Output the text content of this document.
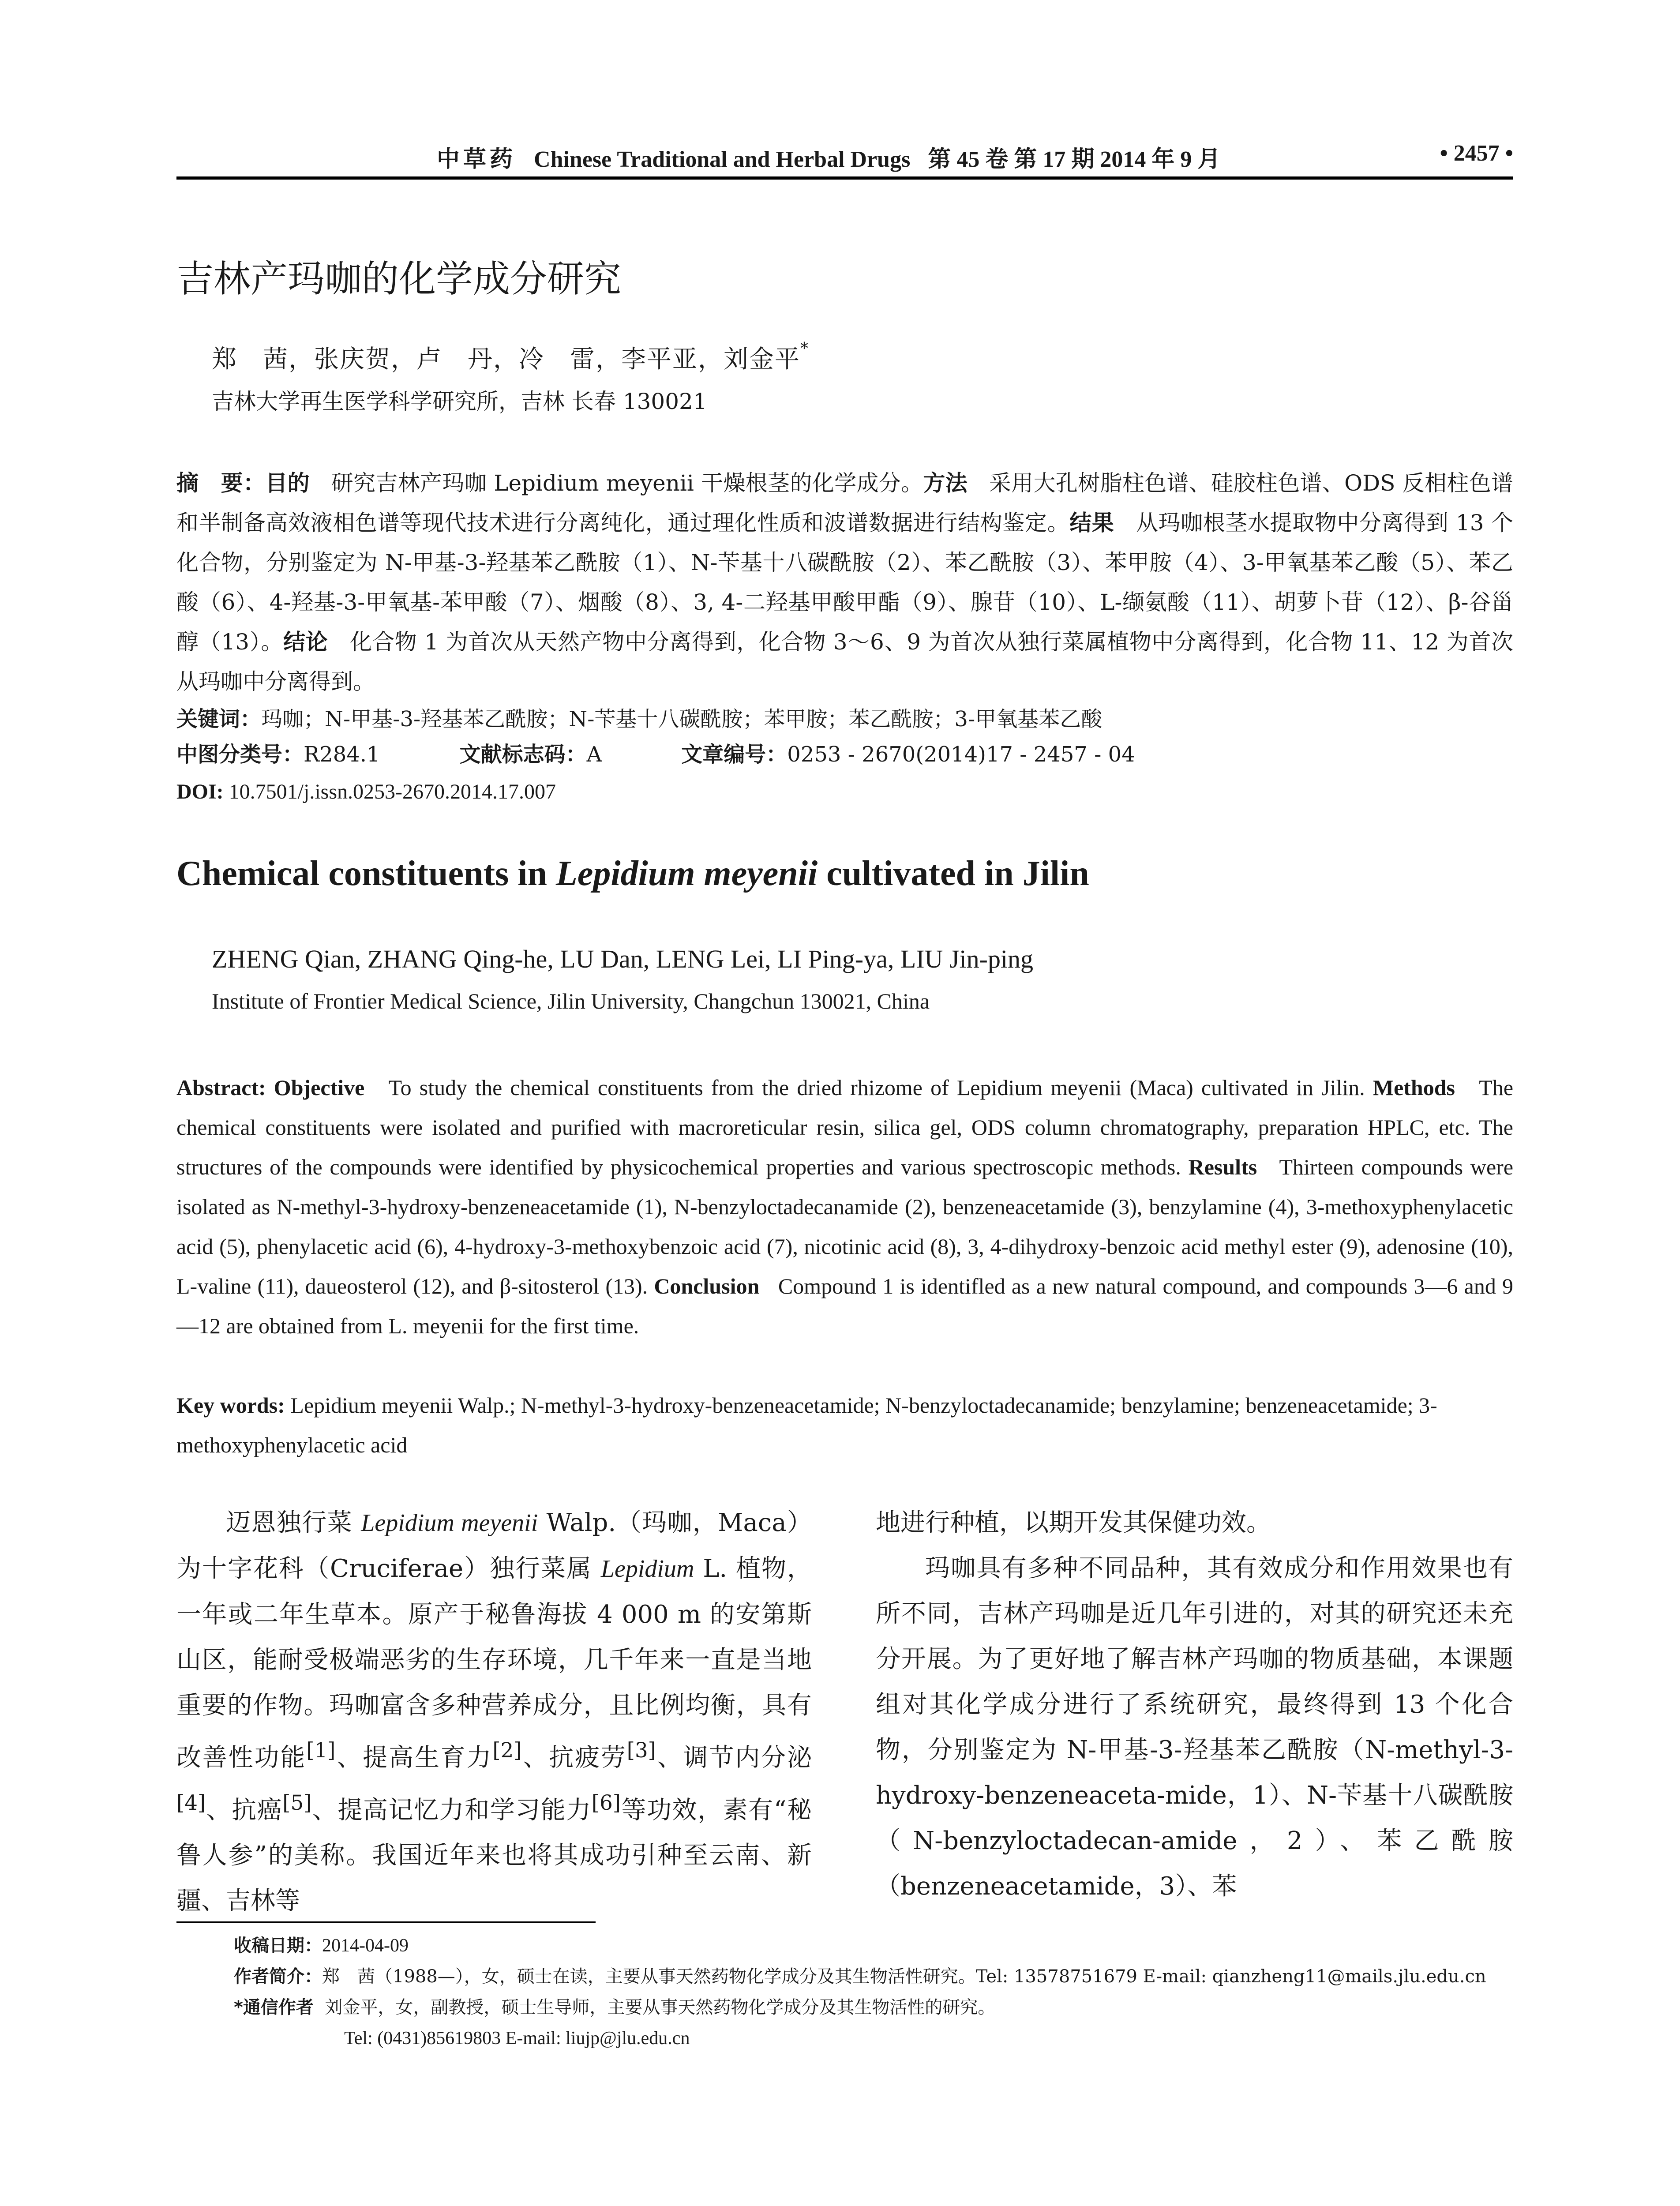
中草药 Chinese Traditional and Herbal Drugs 第 45 卷 第 17 期 2014 年 9 月	• 2457 •
吉林产玛咖的化学成分研究
郑　茜，张庆贺，卢　丹，冷　雷，李平亚，刘金平*
吉林大学再生医学科学研究所，吉林 长春 130021
摘　要：目的 研究吉林产玛咖 Lepidium meyenii 干燥根茎的化学成分。方法 采用大孔树脂柱色谱、硅胶柱色谱、ODS 反相柱色谱和半制备高效液相色谱等现代技术进行分离纯化，通过理化性质和波谱数据进行结构鉴定。结果 从玛咖根茎水提取物中分离得到 13 个化合物，分别鉴定为 N-甲基-3-羟基苯乙酰胺（1）、N-苄基十八碳酰胺（2）、苯乙酰胺（3）、苯甲胺（4）、3-甲氧基苯乙酸（5）、苯乙酸（6）、4-羟基-3-甲氧基-苯甲酸（7）、烟酸（8）、3, 4-二羟基甲酸甲酯（9）、腺苷（10）、L-缬氨酸（11）、胡萝卜苷（12）、β-谷甾醇（13）。结论 化合物 1 为首次从天然产物中分离得到，化合物 3～6、9 为首次从独行菜属植物中分离得到，化合物 11、12 为首次从玛咖中分离得到。
关键词：玛咖；N-甲基-3-羟基苯乙酰胺；N-苄基十八碳酰胺；苯甲胺；苯乙酰胺；3-甲氧基苯乙酸
中图分类号：R284.1	文献标志码：A	文章编号：0253 - 2670(2014)17 - 2457 - 04
DOI: 10.7501/j.issn.0253-2670.2014.17.007
Chemical constituents in Lepidium meyenii cultivated in Jilin
ZHENG Qian, ZHANG Qing-he, LU Dan, LENG Lei, LI Ping-ya, LIU Jin-ping
Institute of Frontier Medical Science, Jilin University, Changchun 130021, China
Abstract: Objective To study the chemical constituents from the dried rhizome of Lepidium meyenii (Maca) cultivated in Jilin. Methods The chemical constituents were isolated and purified with macroreticular resin, silica gel, ODS column chromatography, preparation HPLC, etc. The structures of the compounds were identified by physicochemical properties and various spectroscopic methods. Results Thirteen compounds were isolated as N-methyl-3-hydroxy-benzeneacetamide (1), N-benzyloctadecanamide (2), benzeneacetamide (3), benzylamine (4), 3-methoxyphenylacetic acid (5), phenylacetic acid (6), 4-hydroxy-3-methoxybenzoic acid (7), nicotinic acid (8), 3, 4-dihydroxy-benzoic acid methyl ester (9), adenosine (10), L-valine (11), daueosterol (12), and β-sitosterol (13). Conclusion Compound 1 is identifled as a new natural compound, and compounds 3—6 and 9—12 are obtained from L. meyenii for the first time.
Key words: Lepidium meyenii Walp.; N-methyl-3-hydroxy-benzeneacetamide; N-benzyloctadecanamide; benzylamine; benzeneacetamide; 3-methoxyphenylacetic acid
迈恩独行菜 Lepidium meyenii Walp.（玛咖，Maca）为十字花科（Cruciferae）独行菜属 Lepidium L. 植物，一年或二年生草本。原产于秘鲁海拔 4 000 m 的安第斯山区，能耐受极端恶劣的生存环境，几千年来一直是当地重要的作物。玛咖富含多种营养成分，且比例均衡，具有改善性功能[1]、提高生育力[2]、抗疲劳[3]、调节内分泌[4]、抗癌[5]、提高记忆力和学习能力[6]等功效，素有“秘鲁人参”的美称。我国近年来也将其成功引种至云南、新疆、吉林等
地进行种植，以期开发其保健功效。
玛咖具有多种不同品种，其有效成分和作用效果也有所不同，吉林产玛咖是近几年引进的，对其的研究还未充分开展。为了更好地了解吉林产玛咖的物质基础，本课题组对其化学成分进行了系统研究，最终得到 13 个化合物，分别鉴定为 N-甲基-3-羟基苯乙酰胺（N-methyl-3-hydroxy-benzeneaceta-mide，1）、N-苄基十八碳酰胺（N-benzyloctadecan-amide，2）、苯乙酰胺（benzeneacetamide，3）、苯
收稿日期：2014-04-09
作者简介：郑　茜（1988—），女，硕士在读，主要从事天然药物化学成分及其生物活性研究。Tel: 13578751679 E-mail: qianzheng11@mails.jlu.edu.cn
*通信作者 刘金平，女，副教授，硕士生导师，主要从事天然药物化学成分及其生物活性的研究。
Tel: (0431)85619803 E-mail: liujp@jlu.edu.cn
